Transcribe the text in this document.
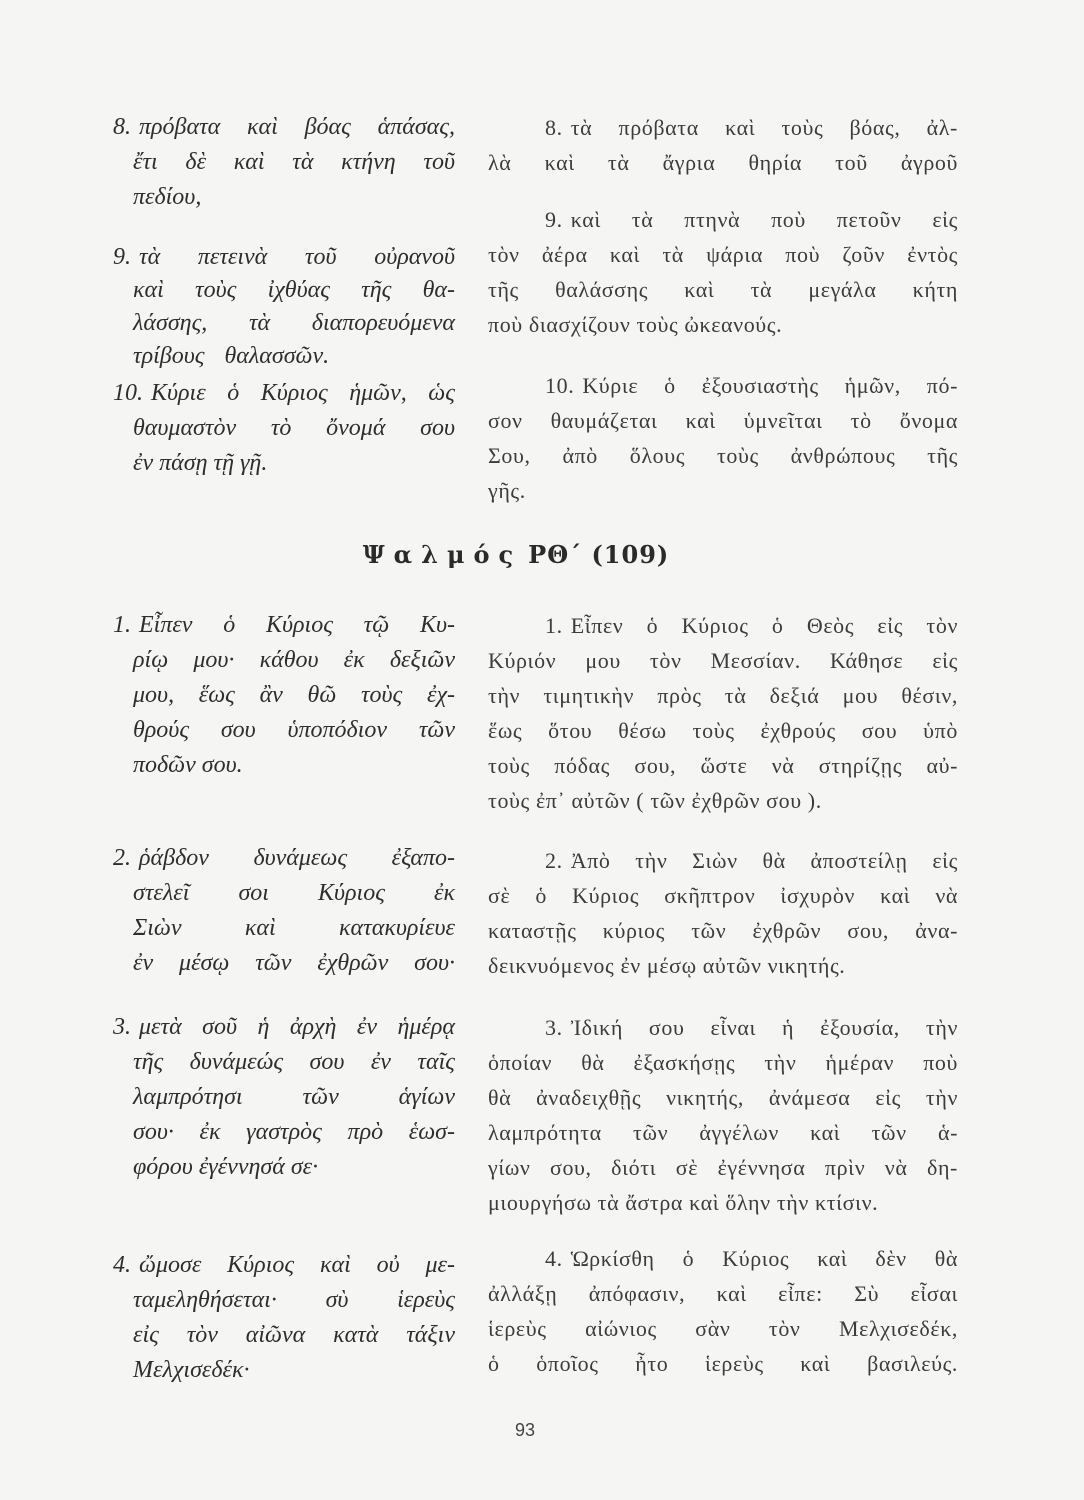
8. πρόβατα καὶ βόας ἁπάσας,
ἔτι δὲ καὶ τὰ κτήνη τοῦ
πεδίου,
9. τὰ πετεινὰ τοῦ οὐρανοῦ
καὶ τοὺς ἰχθύας τῆς θα-
λάσσης, τὰ διαπορευόμενα
τρίβους θαλασσῶν.
10. Κύριε ὁ Κύριος ἡμῶν, ὡς
θαυμαστὸν τὸ ὄνομά σου
ἐν πάσῃ τῇ γῇ.
8. τὰ πρόβατα καὶ τοὺς βόας, ἀλ-
λὰ καὶ τὰ ἄγρια θηρία τοῦ ἀγροῦ
9. καὶ τὰ πτηνὰ ποὺ πετοῦν εἰς
τὸν ἀέρα καὶ τὰ ψάρια ποὺ ζοῦν ἐντὸς
τῆς θαλάσσης καὶ τὰ μεγάλα κήτη
ποὺ διασχίζουν τοὺς ὠκεανούς.
10. Κύριε ὁ ἐξουσιαστὴς ἡμῶν, πό-
σον θαυμάζεται καὶ ὑμνεῖται τὸ ὄνομα
Σου, ἀπὸ ὅλους τοὺς ἀνθρώπους τῆς
γῆς.
Ψαλμός ΡΘ΄ (109)
1. Εἶπεν ὁ Κύριος τῷ Κυ-
ρίῳ μου· κάθου ἐκ δεξιῶν
μου, ἕως ἂν θῶ τοὺς ἐχ-
θρούς σου ὑποπόδιον τῶν
ποδῶν σου.
2. ῥάβδον δυνάμεως ἐξαπο-
στελεῖ σοι Κύριος ἐκ
Σιὼν καὶ κατακυρίευε
ἐν μέσῳ τῶν ἐχθρῶν σου·
3. μετὰ σοῦ ἡ ἀρχὴ ἐν ἡμέρᾳ
τῆς δυνάμεώς σου ἐν ταῖς
λαμπρότησι τῶν ἁγίων
σου· ἐκ γαστρὸς πρὸ ἑωσ-
φόρου ἐγέννησά σε·
4. ὤμοσε Κύριος καὶ οὐ με-
ταμεληθήσεται· σὺ ἱερεὺς
εἰς τὸν αἰῶνα κατὰ τάξιν
Μελχισεδέκ·
1. Εἶπεν ὁ Κύριος ὁ Θεὸς εἰς τὸν
Κύριόν μου τὸν Μεσσίαν. Κάθησε εἰς
τὴν τιμητικὴν πρὸς τὰ δεξιά μου θέσιν,
ἕως ὅτου θέσω τοὺς ἐχθρούς σου ὑπὸ
τοὺς πόδας σου, ὥστε νὰ στηρίζῃς αὐ-
τοὺς ἐπ᾽ αὐτῶν ( τῶν ἐχθρῶν σου ).
2. Ἀπὸ τὴν Σιὼν θὰ ἀποστείλῃ εἰς
σὲ ὁ Κύριος σκῆπτρον ἰσχυρὸν καὶ νὰ
καταστῇς κύριος τῶν ἐχθρῶν σου, ἀνα-
δεικνυόμενος ἐν μέσῳ αὐτῶν νικητής.
3. Ἰδική σου εἶναι ἡ ἐξουσία, τὴν
ὁποίαν θὰ ἐξασκήσῃς τὴν ἡμέραν ποὺ
θὰ ἀναδειχθῇς νικητής, ἀνάμεσα εἰς τὴν
λαμπρότητα τῶν ἀγγέλων καὶ τῶν ἁ-
γίων σου, διότι σὲ ἐγέννησα πρὶν νὰ δη-
μιουργήσω τὰ ἄστρα καὶ ὅλην τὴν κτίσιν.
4. Ὡρκίσθη ὁ Κύριος καὶ δὲν θὰ
ἀλλάξῃ ἀπόφασιν, καὶ εἶπε: Σὺ εἶσαι
ἱερεὺς αἰώνιος σὰν τὸν Μελχισεδέκ,
ὁ ὁποῖος ἦτο ἱερεὺς καὶ βασιλεύς.
93
